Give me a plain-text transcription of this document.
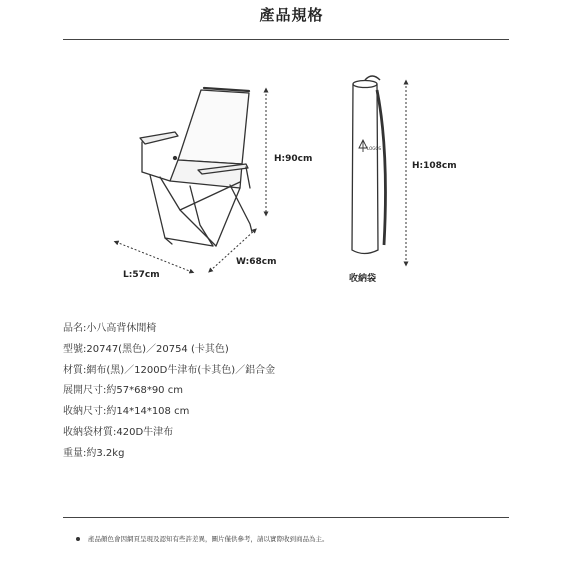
產品規格
LOGOS
H:90cm
W:68cm
L:57cm
H:108cm
收納袋
品名:小八高背休閒椅
型號:20747(黑色)／20754 (卡其色)
材質:網布(黑)／1200D牛津布(卡其色)／鋁合金
展開尺寸:約57*68*90 cm
收納尺寸:約14*14*108 cm
收納袋材質:420D牛津布
重量:約3.2kg
產品顏色會因網頁呈現及認知有些許差異，圖片僅供參考，請以實際收到商品為主。
